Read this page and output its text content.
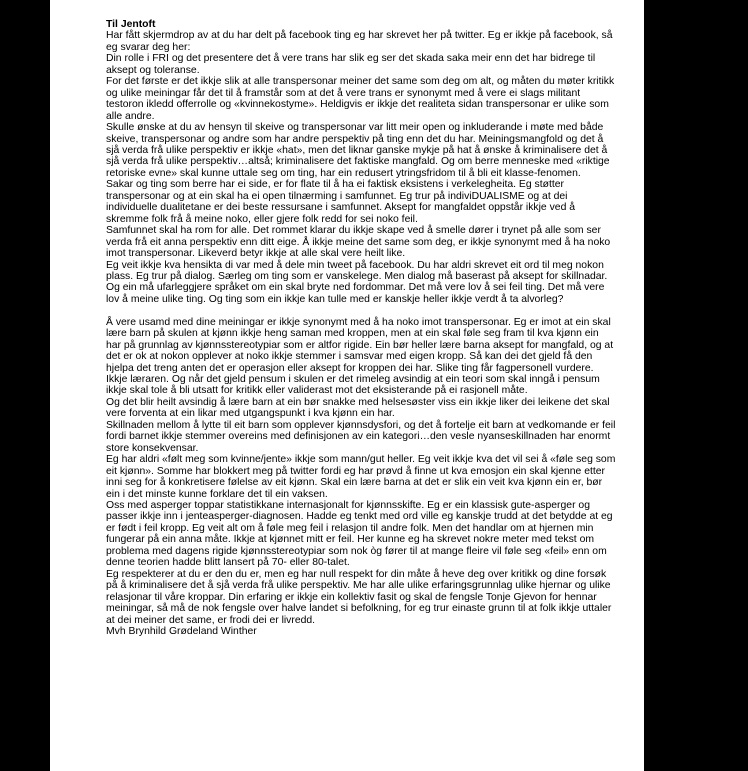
Til Jentoft

Har fått skjermdrop av at du har delt på facebook ting eg har skrevet her på twitter. Eg er ikkje på facebook, så eg svarar deg her:

Din rolle i FRI og det presentere det å vere trans har slik eg ser det skada saka meir enn det har bidrege til aksept og toleranse.

For det første er det ikkje slik at alle transpersonar meiner det same som deg om alt, og måten du møter kritikk og ulike meiningar får det til å framstår som at det å vere trans er synonymt med å vere ei slags militant testoron ikledd offerrolle og «kvinnekostyme». Heldigvis er ikkje det realiteta sidan transpersonar er ulike som alle andre.

Skulle ønske at du av hensyn til skeive og transpersonar var litt meir open og inkluderande i møte med både skeive, transpersonar og andre som har andre perspektiv på ting enn det du har. Meiningsmangfold og det å sjå verda frå ulike perspektiv er ikkje «hat», men det liknar ganske mykje på hat å ønske å kriminalisere det å sjå verda frå ulike perspektiv…altså; kriminalisere det faktiske mangfald. Og om berre menneske med «riktige retoriske evne» skal kunne uttale seg om ting, har ein redusert ytringsfridom til å bli eit klasse-fenomen.

Sakar og ting som berre har ei side, er for flate til å ha ei faktisk eksistens i verkelegheita. Eg støtter transpersonar og at ein skal ha ei open tilnærming i samfunnet. Eg trur på indiviDUALISME og at dei individuelle dualitetane er dei beste ressursane i samfunnet. Aksept for mangfaldet oppstår ikkje ved å skremme folk frå å meine noko, eller gjere folk redd for sei noko feil.

Samfunnet skal ha rom for alle. Det rommet klarar du ikkje skape ved å smelle dører i trynet på alle som ser verda frå eit anna perspektiv enn ditt eige. Å ikkje meine det same som deg, er ikkje synonymt med å ha noko imot transpersonar. Likeverd betyr ikkje at alle skal vere heilt like.

Eg veit ikkje kva hensikta di var med å dele min tweet på facebook. Du har aldri skrevet eit ord til meg nokon plass. Eg trur på dialog. Særleg om ting som er vanskelege. Men dialog må baserast på aksept for skillnadar. Og ein må ufarleggjere språket om ein skal bryte ned fordommar. Det må vere lov å sei feil ting. Det må vere lov å meine ulike ting. Og ting som ein ikkje kan tulle med er kanskje heller ikkje verdt å ta alvorleg?

Å vere usamd med dine meiningar er ikkje synonymt med å ha noko imot transpersonar. Eg er imot at ein skal lære barn på skulen at kjønn ikkje heng saman med kroppen, men at ein skal føle seg fram til kva kjønn ein har på grunnlag av kjønnsstereotypiar som er altfor rigide. Ein bør heller lære barna aksept for mangfald, og at det er ok at nokon opplever at noko ikkje stemmer i samsvar med eigen kropp. Så kan dei det gjeld få den hjelpa det treng anten det er operasjon eller aksept for kroppen dei har. Slike ting får fagpersonell vurdere. Ikkje læraren. Og når det gjeld pensum i skulen er det rimeleg avsindig at ein teori som skal inngå i pensum ikkje skal tole å bli utsatt for kritikk eller validerast mot det eksisterande på ei rasjonell måte.

Og det blir heilt avsindig å lære barn at ein bør snakke med helsesøster viss ein ikkje liker dei leikene det skal vere forventa at ein likar med utgangspunkt i kva kjønn ein har.

Skillnaden mellom å lytte til eit barn som opplever kjønnsdysfori, og det å fortelje eit barn at vedkomande er feil fordi barnet ikkje stemmer overeins med definisjonen av ein kategori…den vesle nyanseskillnaden har enormt store konsekvensar.

Eg har aldri «følt meg som kvinne/jente» ikkje som mann/gut heller. Eg veit ikkje kva det vil sei å «føle seg som eit kjønn». Somme har blokkert meg på twitter fordi eg har prøvd å finne ut kva emosjon ein skal kjenne etter inni seg for å konkretisere følelse av eit kjønn. Skal ein lære barna at det er slik ein veit kva kjønn ein er, bør ein i det minste kunne forklare det til ein vaksen.

Oss med asperger toppar statistikkane internasjonalt for kjønnsskifte. Eg er ein klassisk gute-asperger og passer ikkje inn i jenteasperger-diagnosen. Hadde eg tenkt med ord ville eg kanskje trudd at det betydde at eg er født i feil kropp. Eg veit alt om å føle meg feil i relasjon til andre folk. Men det handlar om at hjernen min fungerar på ein anna måte. Ikkje at kjønnet mitt er feil. Her kunne eg ha skrevet nokre meter med tekst om problema med dagens rigide kjønnsstereotypiar som nok òg fører til at mange fleire vil føle seg «feil» enn om denne teorien hadde blitt lansert på 70- eller 80-talet.

Eg respekterer at du er den du er, men eg har null respekt for din måte å heve deg over kritikk og dine forsøk på å kriminalisere det å sjå verda frå ulike perspektiv. Me har alle ulike erfaringsgrunnlag ulike hjernar og ulike relasjonar til våre kroppar. Din erfaring er ikkje ein kollektiv fasit og skal de fengsle Tonje Gjevon for hennar meiningar, så må de nok fengsle over halve landet si befolkning, for eg trur einaste grunn til at folk ikkje uttaler at dei meiner det same, er frodi dei er livredd.

Mvh Brynhild Grødeland Winther
